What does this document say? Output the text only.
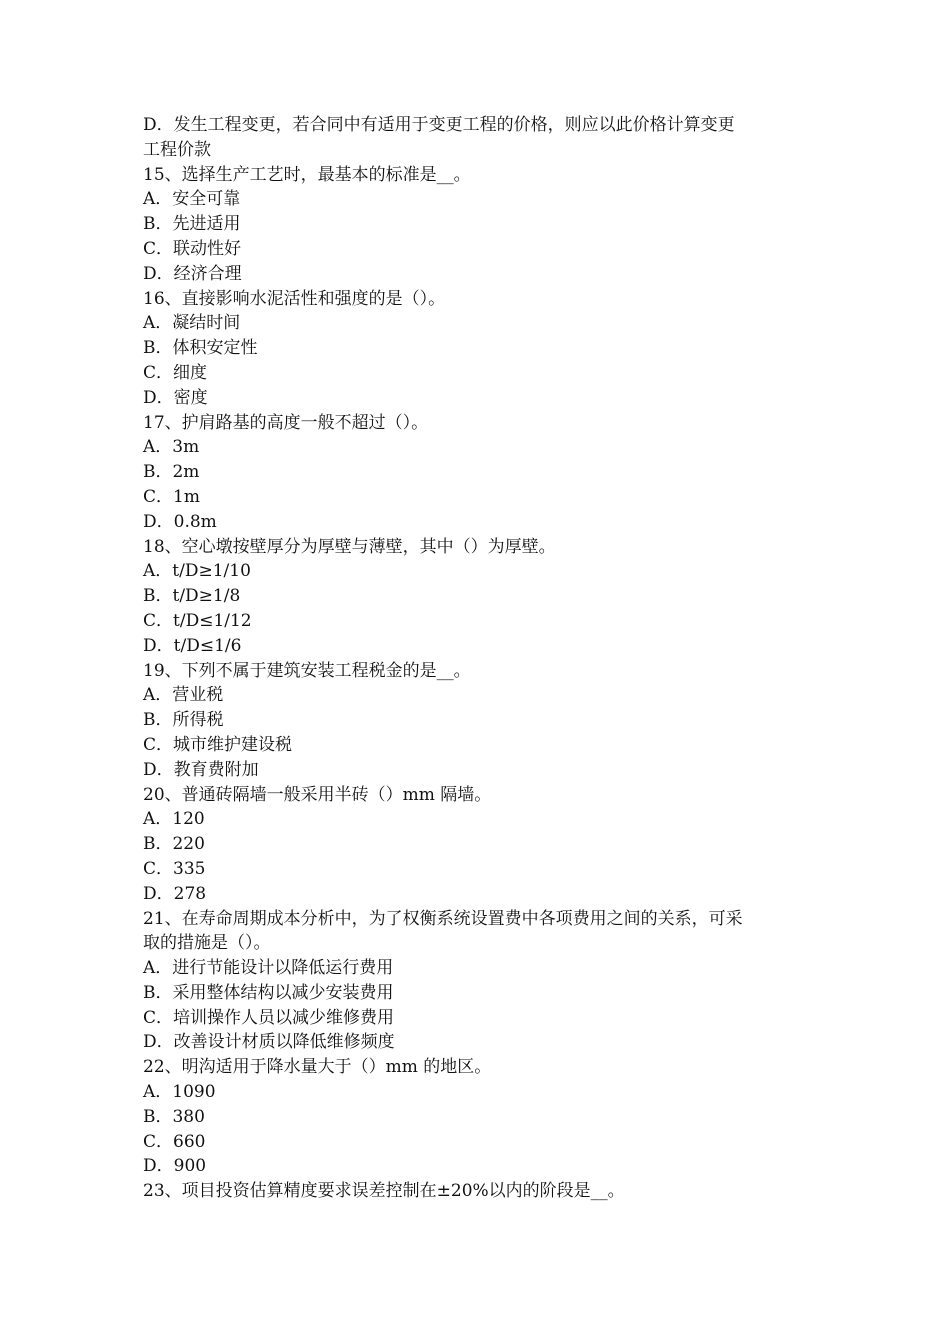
D．发生工程变更，若合同中有适用于变更工程的价格，则应以此价格计算变更

工程价款

15、选择生产工艺时，最基本的标准是__。

A．安全可靠

B．先进适用

C．联动性好

D．经济合理

16、直接影响水泥活性和强度的是（）。

A．凝结时间

B．体积安定性

C．细度

D．密度

17、护肩路基的高度一般不超过（）。

A．3m

B．2m

C．1m

D．0.8m

18、空心墩按壁厚分为厚壁与薄壁，其中（）为厚壁。

A．t/D≥1/10

B．t/D≥1/8

C．t/D≤1/12

D．t/D≤1/6

19、下列不属于建筑安装工程税金的是__。

A．营业税

B．所得税

C．城市维护建设税

D．教育费附加

20、普通砖隔墙一般采用半砖（）mm 隔墙。

A．120

B．220

C．335

D．278

21、在寿命周期成本分析中，为了权衡系统设置费中各项费用之间的关系，可采

取的措施是（）。

A．进行节能设计以降低运行费用

B．采用整体结构以减少安装费用

C．培训操作人员以减少维修费用

D．改善设计材质以降低维修频度

22、明沟适用于降水量大于（）mm 的地区。

A．1090

B．380

C．660

D．900

23、项目投资估算精度要求误差控制在±20%以内的阶段是__。
